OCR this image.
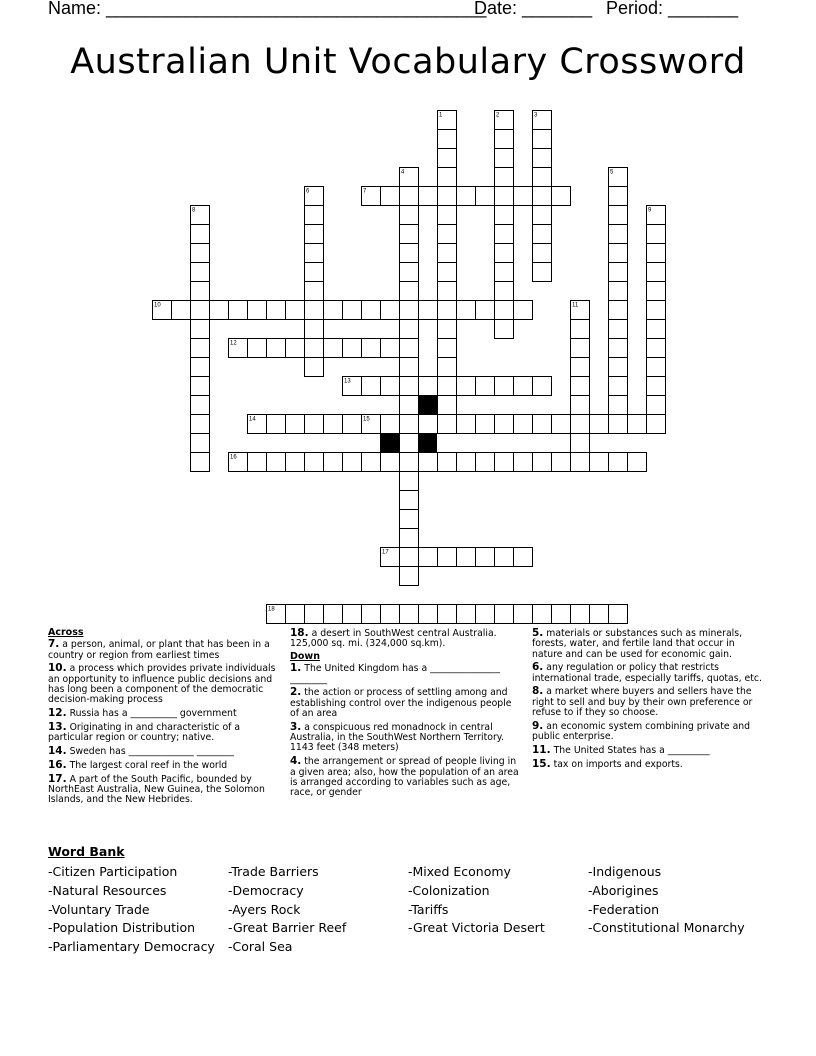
Name: ______________________________________
Date: _______ Period: _______
Australian Unit Vocabulary Crossword
1	2	3
4	5
6	7
8	9
10	11
12
13
14	15
16
17
18
Across
7. a person, animal, or plant that has been in a country or region from earliest times
10. a process which provides private individuals an opportunity to influence public decisions and has long been a component of the democratic decision-making process
12. Russia has a __________ government
13. Originating in and characteristic of a particular region or country; native.
14. Sweden has ______________ ________
16. The largest coral reef in the world
17. A part of the South Pacific, bounded by NorthEast Australia, New Guinea, the Solomon Islands, and the New Hebrides.
18. a desert in SouthWest central Australia. 125,000 sq. mi. (324,000 sq.km).
Down
1. The United Kingdom has a _______________ ________
2. the action or process of settling among and establishing control over the indigenous people of an area
3. a conspicuous red monadnock in central Australia, in the SouthWest Northern Territory. 1143 feet (348 meters)
4. the arrangement or spread of people living in a given area; also, how the population of an area is arranged according to variables such as age, race, or gender
5. materials or substances such as minerals, forests, water, and fertile land that occur in nature and can be used for economic gain.
6. any regulation or policy that restricts international trade, especially tariffs, quotas, etc.
8. a market where buyers and sellers have the right to sell and buy by their own preference or refuse to if they so choose.
9. an economic system combining private and public enterprise.
11. The United States has a _________
15. tax on imports and exports.
Word Bank
-Citizen Participation
-Natural Resources
-Voluntary Trade
-Population Distribution
-Parliamentary Democracy
-Trade Barriers
-Democracy
-Ayers Rock
-Great Barrier Reef
-Coral Sea
-Mixed Economy
-Colonization
-Tariffs
-Great Victoria Desert
-Indigenous
-Aborigines
-Federation
-Constitutional Monarchy
